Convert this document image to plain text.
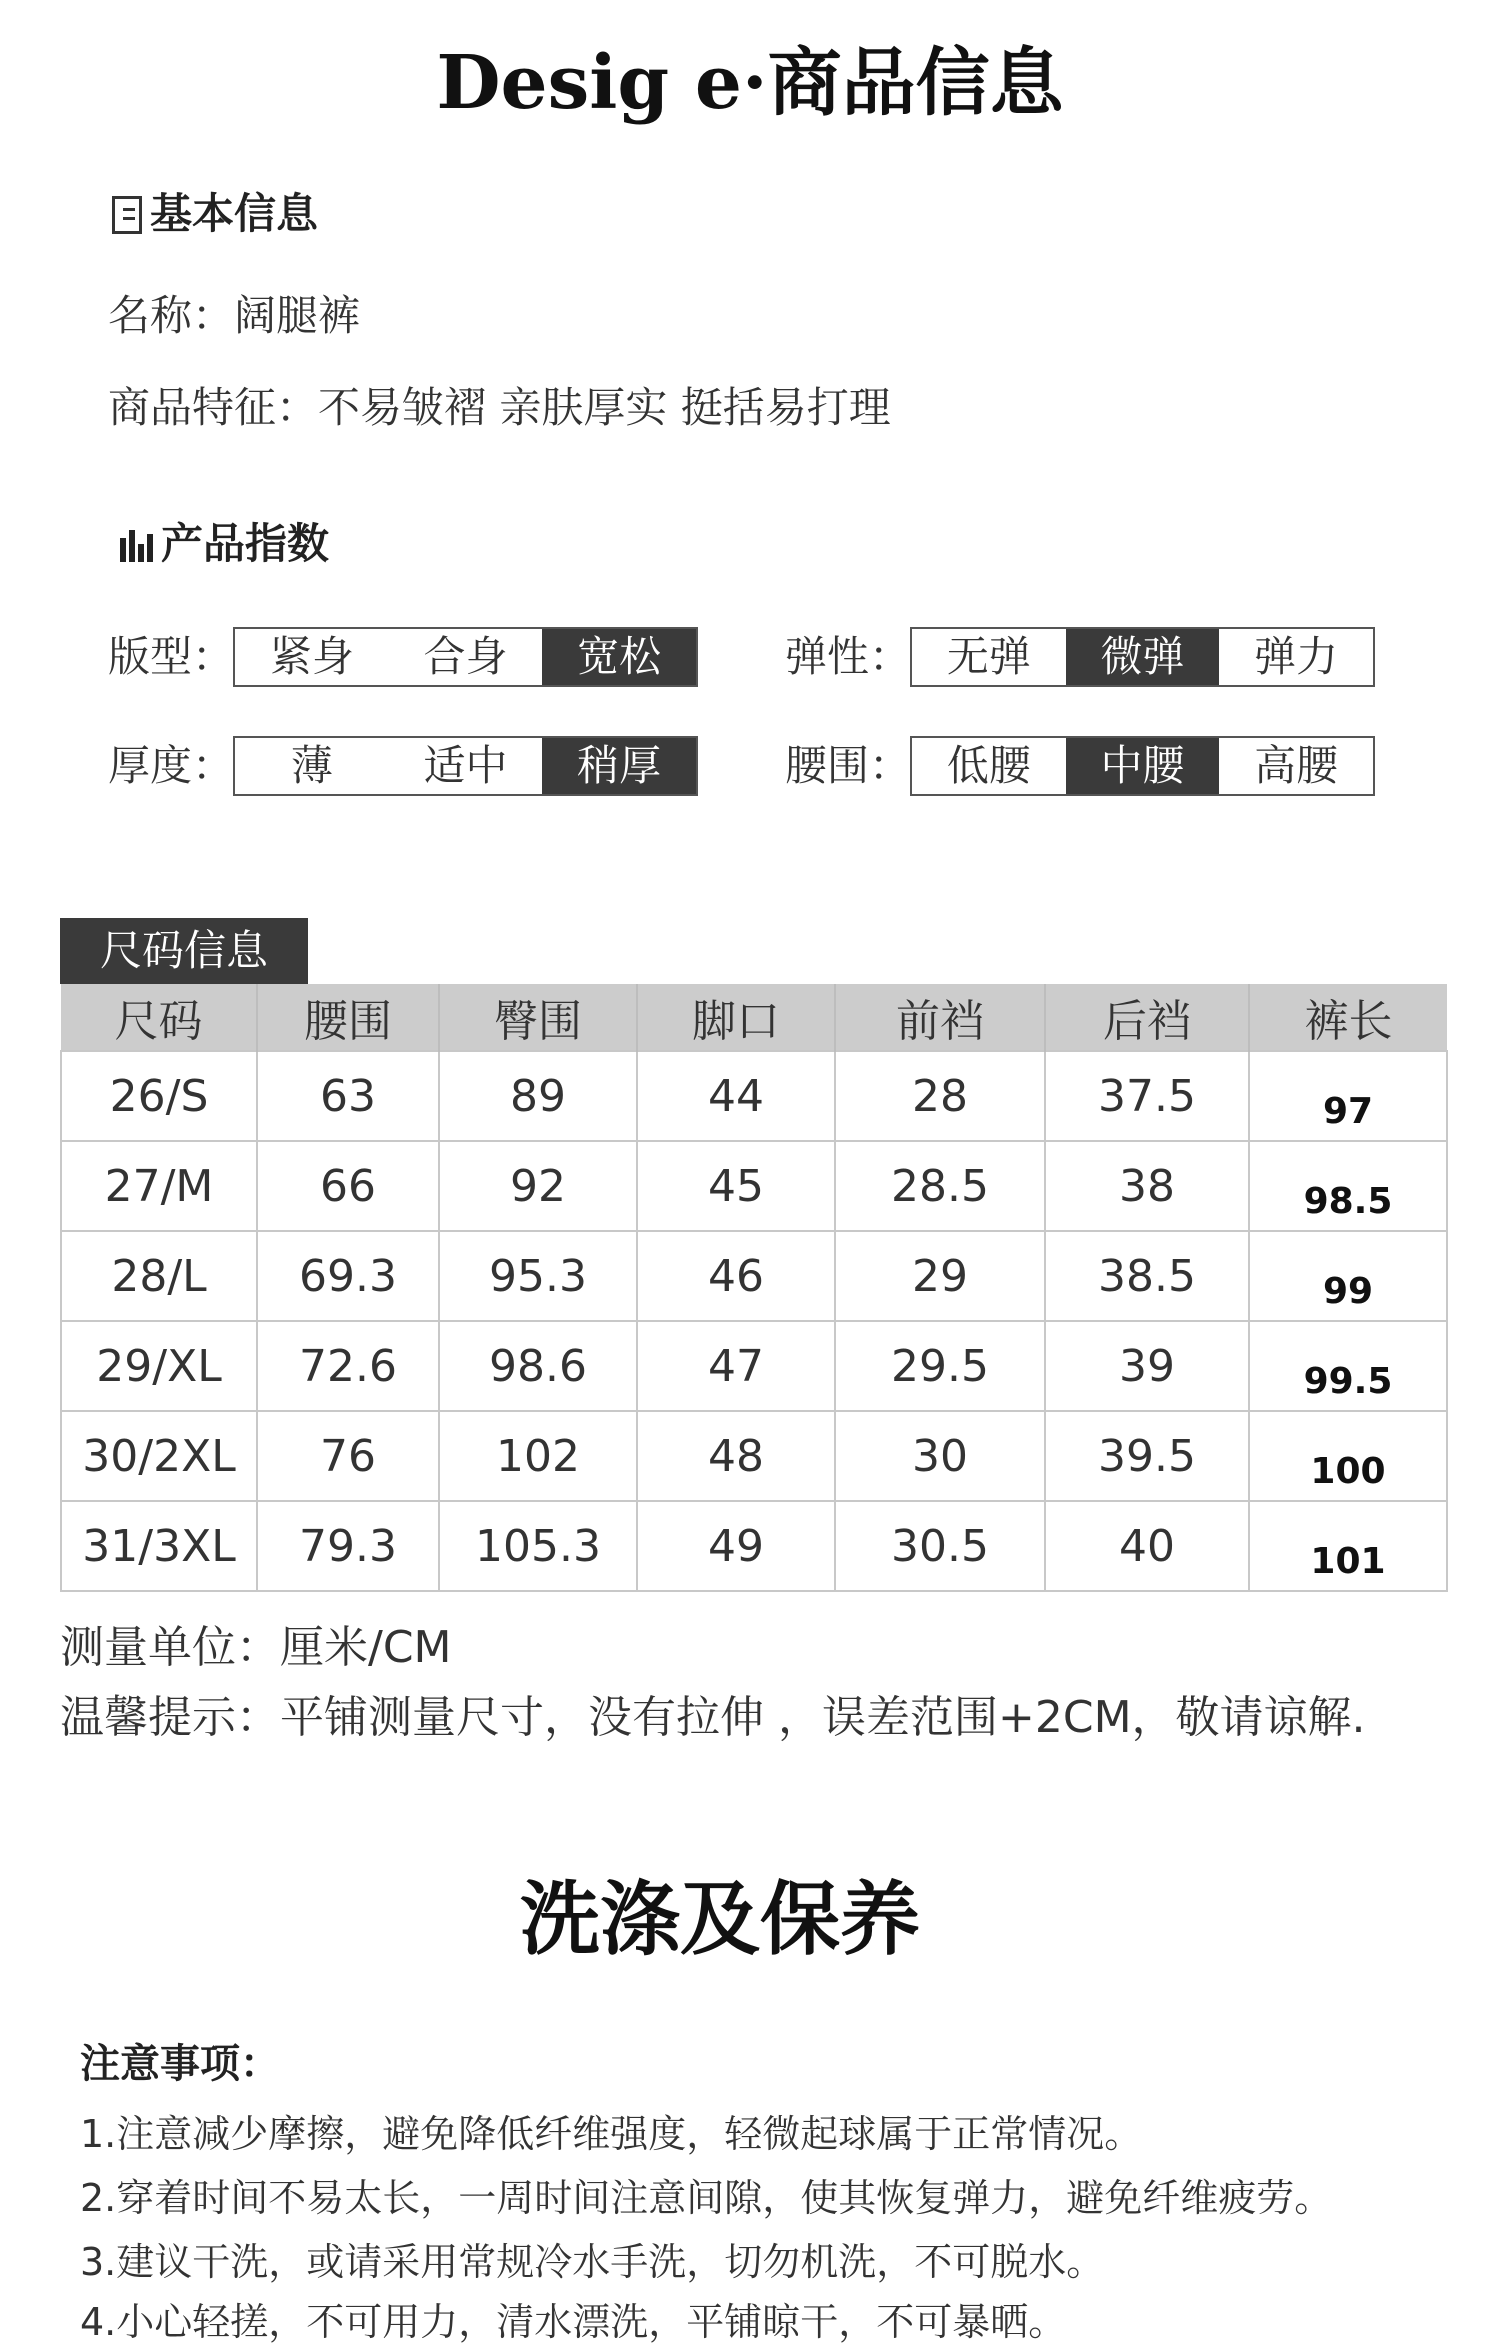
Desig e·商品信息
基本信息
名称：阔腿裤
商品特征：不易皱褶 亲肤厚实 挺括易打理
产品指数
版型： 紧身	合身	宽松	弹性： 无弹	微弹	弹力
厚度：	薄	适中	稍厚	腰围： 低腰	中腰	高腰
尺码信息
尺码	腰围	臀围	脚口	前裆	后裆	裤长
26/S	63	89	44	28	37.5	97
27/M	66	92	45	28.5	38	98.5
28/L	69.3	95.3	46	29	38.5	99
29/XL	72.6	98.6	47	29.5	39	99.5
30/2XL	76	102	48	30	39.5	100
31/3XL	79.3	105.3	49	30.5	40	101
测量单位：厘米/CM
温馨提示：平铺测量尺寸，没有拉伸 ，误差范围+2CM，敬请谅解.
洗涤及保养
注意事项：
1.注意减少摩擦，避免降低纤维强度，轻微起球属于正常情况。
2.穿着时间不易太长，一周时间注意间隙，使其恢复弹力，避免纤维疲劳。
3.建议干洗，或请采用常规冷水手洗，切勿机洗，不可脱水。
4.小心轻搓，不可用力，清水漂洗，平铺晾干，不可暴晒。
